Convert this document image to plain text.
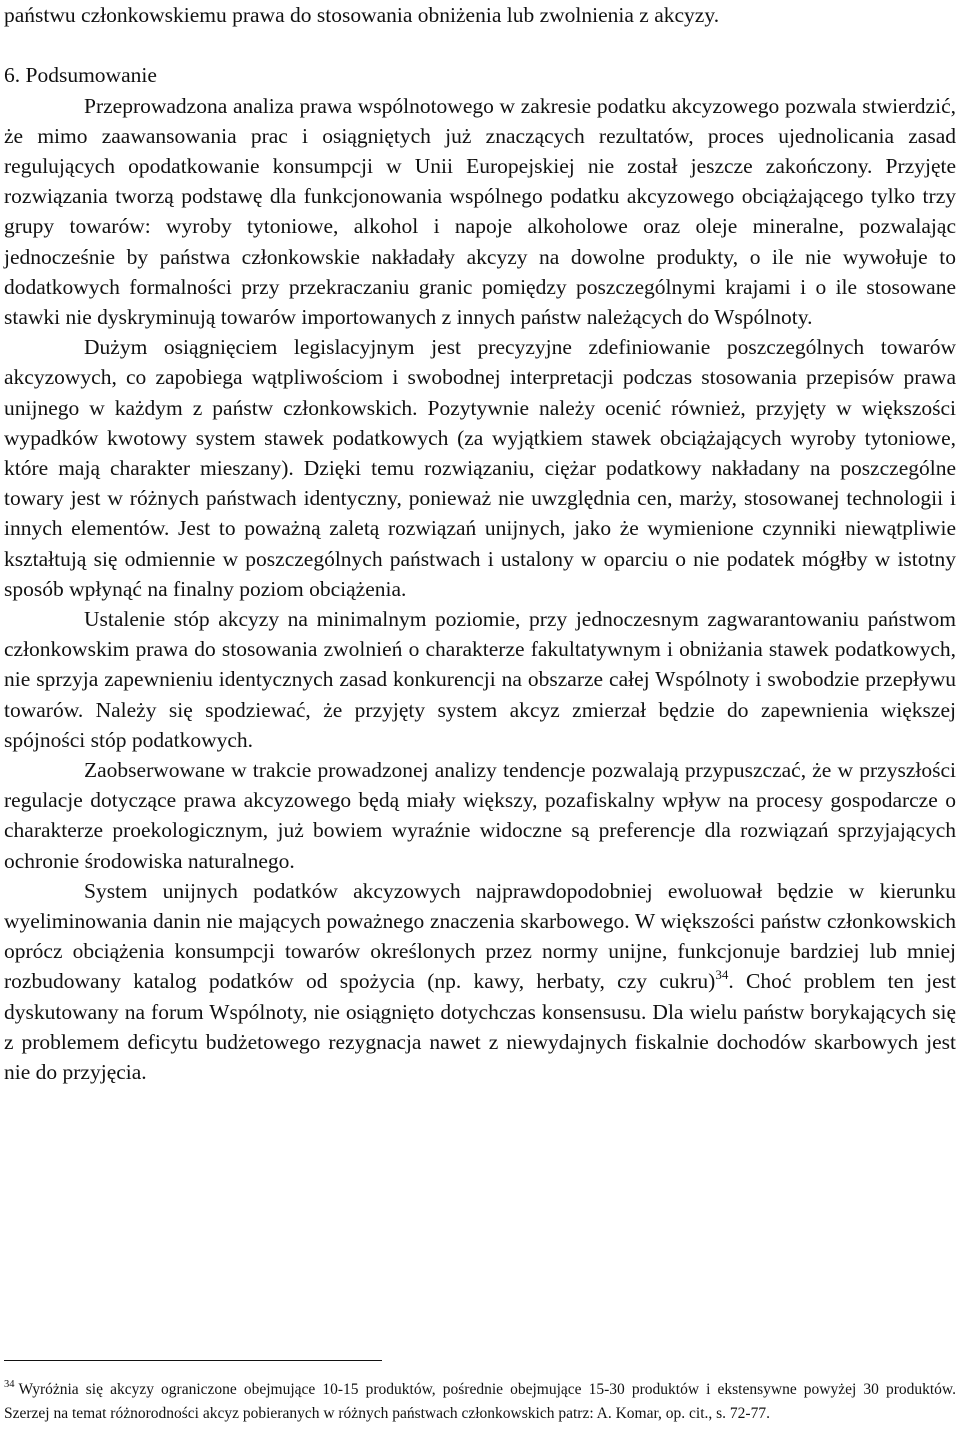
państwu członkowskiemu prawa do stosowania obniżenia lub zwolnienia z akcyzy.

6. Podsumowanie

Przeprowadzona analiza prawa wspólnotowego w zakresie podatku akcyzowego pozwala stwierdzić, że mimo zaawansowania prac i osiągniętych już znaczących rezultatów, proces ujednolicania zasad regulujących opodatkowanie konsumpcji w Unii Europejskiej nie został jeszcze zakończony. Przyjęte rozwiązania tworzą podstawę dla funkcjonowania wspólnego podatku akcyzowego obciążającego tylko trzy grupy towarów: wyroby tytoniowe, alkohol i napoje alkoholowe oraz oleje mineralne, pozwalając jednocześnie by państwa członkowskie nakładały akcyzy na dowolne produkty, o ile nie wywołuje to dodatkowych formalności przy przekraczaniu granic pomiędzy poszczególnymi krajami i o ile stosowane stawki nie dyskryminują towarów importowanych z innych państw należących do Wspólnoty.

Dużym osiągnięciem legislacyjnym jest precyzyjne zdefiniowanie poszczególnych towarów akcyzowych, co zapobiega wątpliwościom i swobodnej interpretacji podczas stosowania przepisów prawa unijnego w każdym z państw członkowskich. Pozytywnie należy ocenić również, przyjęty w większości wypadków kwotowy system stawek podatkowych (za wyjątkiem stawek obciążających wyroby tytoniowe, które mają charakter mieszany). Dzięki temu rozwiązaniu, ciężar podatkowy nakładany na poszczególne towary jest w różnych państwach identyczny, ponieważ nie uwzględnia cen, marży, stosowanej technologii i innych elementów. Jest to poważną zaletą rozwiązań unijnych, jako że wymienione czynniki niewątpliwie kształtują się odmiennie w poszczególnych państwach i ustalony w oparciu o nie podatek mógłby w istotny sposób wpłynąć na finalny poziom obciążenia.

Ustalenie stóp akcyzy na minimalnym poziomie, przy jednoczesnym zagwarantowaniu państwom członkowskim prawa do stosowania zwolnień o charakterze fakultatywnym i obniżania stawek podatkowych, nie sprzyja zapewnieniu identycznych zasad konkurencji na obszarze całej Wspólnoty i swobodzie przepływu towarów. Należy się spodziewać, że przyjęty system akcyz zmierzał będzie do zapewnienia większej spójności stóp podatkowych.

Zaobserwowane w trakcie prowadzonej analizy tendencje pozwalają przypuszczać, że w przyszłości regulacje dotyczące prawa akcyzowego będą miały większy, pozafiskalny wpływ na procesy gospodarcze o charakterze proekologicznym, już bowiem wyraźnie widoczne są preferencje dla rozwiązań sprzyjających ochronie środowiska naturalnego.

System unijnych podatków akcyzowych najprawdopodobniej ewoluował będzie w kierunku wyeliminowania danin nie mających poważnego znaczenia skarbowego. W większości państw członkowskich oprócz obciążenia konsumpcji towarów określonych przez normy unijne, funkcjonuje bardziej lub mniej rozbudowany katalog podatków od spożycia (np. kawy, herbaty, czy cukru)$^{34}$. Choć problem ten jest dyskutowany na forum Wspólnoty, nie osiągnięto dotychczas konsensusu. Dla wielu państw borykających się z problemem deficytu budżetowego rezygnacja nawet z niewydajnych fiskalnie dochodów skarbowych jest nie do przyjęcia.

$^{34}$ Wyróżnia się akcyzy ograniczone obejmujące 10-15 produktów, pośrednie obejmujące 15-30 produktów i ekstensywne powyżej 30 produktów. Szerzej na temat różnorodności akcyz pobieranych w różnych państwach członkowskich patrz: A. Komar, op. cit., s. 72-77.
